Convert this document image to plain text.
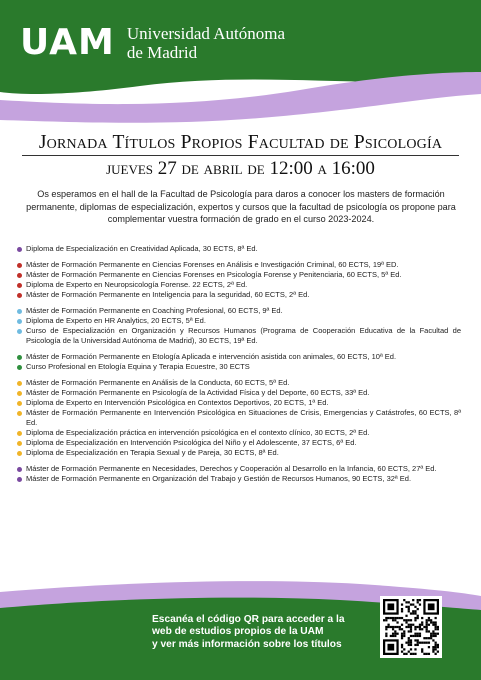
UAM Universidad Autónoma
de Madrid
Jornada Títulos Propios Facultad de Psicología
jueves 27 de abril de 12:00 a 16:00

Os esperamos en el hall de la Facultad de Psicología para daros a conocer los masters de formación permanente, diplomas de especialización, expertos y cursos que la facultad de psicología os propone para complementar vuestra formación de grado en el curso 2023-2024.

Diploma de Especialización en Creatividad Aplicada, 30 ECTS, 8ª Ed.
Máster de Formación Permanente en Ciencias Forenses en Análisis e Investigación Criminal, 60 ECTS, 19ª ED.
Máster de Formación Permanente en Ciencias Forenses en Psicología Forense y Penitenciaria, 60 ECTS, 5ª Ed.
Diploma de Experto en Neuropsicología Forense. 22 ECTS, 2ª Ed.
Máster de Formación Permanente en Inteligencia para la seguridad, 60 ECTS, 2ª Ed.
Máster de Formación Permanente en Coaching Profesional, 60 ECTS, 9ª Ed.
Diploma de Experto en HR Analytics, 20 ECTS, 5ª Ed.
Curso de Especialización en Organización y Recursos Humanos (Programa de Cooperación Educativa de la Facultad de Psicología de la Universidad Autónoma de Madrid), 30 ECTS, 19ª Ed.
Máster de Formación Permanente en Etología Aplicada e intervención asistida con animales, 60 ECTS, 10ª Ed.
Curso Profesional en Etología Equina y Terapia Ecuestre, 30 ECTS
Máster de Formación Permanente en Análisis de la Conducta, 60 ECTS, 5ª Ed.
Máster de Formación Permanente en Psicología de la Actividad Física y del Deporte, 60 ECTS, 33ª Ed.
Diploma de Experto en Intervención Psicológica en Contextos Deportivos, 20 ECTS, 1ª Ed.
Máster de Formación Permanente en Intervención Psicológica en Situaciones de Crisis, Emergencias y Catástrofes, 60 ECTS, 8ª Ed.
Diploma de Especialización práctica en intervención psicológica en el contexto clínico, 30 ECTS, 2ª Ed.
Diploma de Especialización en Intervención Psicológica del Niño y el Adolescente, 37 ECTS, 6ª Ed.
Diploma de Especialización en Terapia Sexual y de Pareja, 30 ECTS, 8ª Ed.
Máster de Formación Permanente en Necesidades, Derechos y Cooperación al Desarrollo en la Infancia, 60 ECTS, 27ª Ed.
Máster de Formación Permanente en Organización del Trabajo y Gestión de Recursos Humanos, 90 ECTS, 32ª Ed.
Escanéa el código QR para acceder a la
web de estudios propios de la UAM
y ver más información sobre los títulos
